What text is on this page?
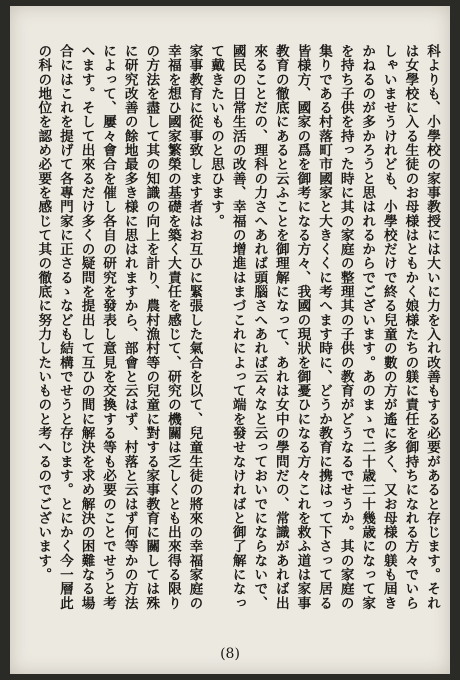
科よりも、小學校の家事教授には大いに力を入れ改善もする必要があると存じます。それは女學校に入る生徒のお母様はともかく娘様たちの躾に責任を御持ちになれる方々でいらしゃいませうけれども、小學校だけで終る兒童の數の方が遙に多く、又お母様の躾も屆きかねるのが多かろうと思はれるからでございます。あのまゝで二十歳二十幾歳になって家を持ち子供を持った時に其の家庭の整理其の子供の教育がどうなるでせうか。其の家庭の集りである村落町市國家と大きくくに考へます時に、どうか教育に携はって下さって居る皆様方、國家の爲を御考になる方々、我國の現狀を御憂ひになる方々これを救ふ道は家事教育の徹底にあると云ふことを御理解になって、あれは女中の學問だの、常識があれば出來ることだの、理科の力さへあれば頭腦さへあれば云々なと云っておいでにならないで、國民の日常生活の改善、幸福の增進はまづこれによって端を發せなければと御了解になって戴きたいものと思ひます。

家事教育に從事致します者はお互ひに緊張した氣合を以て、兒童生徒の將來の幸福家庭の幸福を想ひ國家繁榮の基礎を築く大責任を感じて、研究の機關は乏しくとも出來得る限りの方法を盡して其の知識の向上を計り、農村漁村等の兒童に對する家事教育に關しては殊に研究改善の餘地最多き様に思はれますから、部會と云はず、村落と云はず何等かの方法によって、屢々會合を催し各自の研究を發表し意見を交換する等も必要のことでせうと考へます。そして出來るだけ多くの疑問を提出して互ひの間に解決を求め解決の困難なる場合にはこれを提げて各專門家に正さるゝなども結構でせうと存じます。とにかく今一層此の科の地位を認め必要を感じて其の徹底に努力したいものと考へるのでございます。

(8)
